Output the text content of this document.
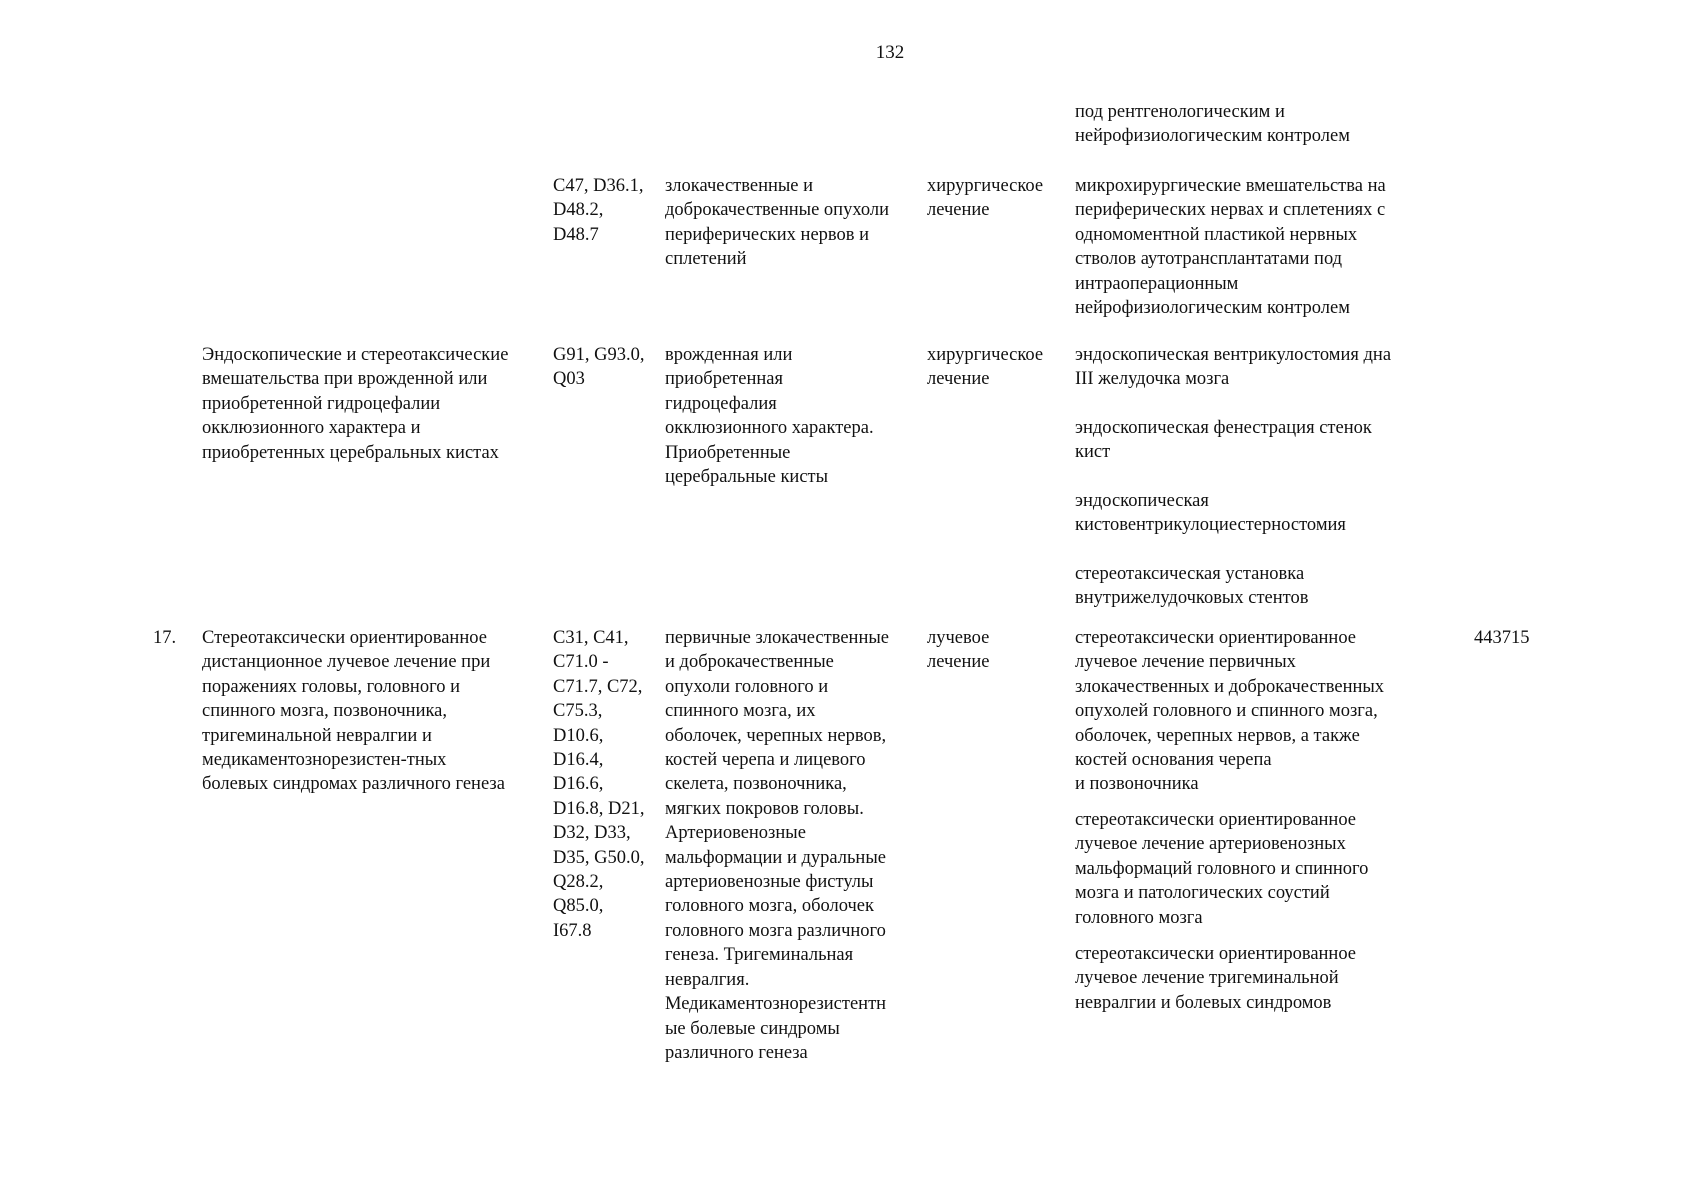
132
под рентгенологическим и
нейрофизиологическим контролем
C47, D36.1,
D48.2,
D48.7
злокачественные и
доброкачественные опухоли
периферических нервов и
сплетений
хирургическое
лечение
микрохирургические вмешательства на
периферических нервах и сплетениях с
одномоментной пластикой нервных
стволов аутотрансплантатами под
интраоперационным
нейрофизиологическим контролем
Эндоскопические и стереотаксические
вмешательства при врожденной или
приобретенной гидроцефалии
окклюзионного характера и
приобретенных церебральных кистах
G91, G93.0,
Q03
врожденная или
приобретенная
гидроцефалия
окклюзионного характера.
Приобретенные
церебральные кисты
хирургическое
лечение
эндоскопическая вентрикулостомия дна
III желудочка мозга
эндоскопическая фенестрация стенок
кист
эндоскопическая
кистовентрикулоциестерностомия
стереотаксическая установка
внутрижелудочковых стентов
17.	Стереотаксически ориентированное
дистанционное лучевое лечение при
поражениях головы, головного и
спинного мозга, позвоночника,
тригеминальной невралгии и
медикаментознорезистен-тных
болевых синдромах различного генеза
C31, C41,
C71.0 -
C71.7, C72,
C75.3,
D10.6,
D16.4,
D16.6,
D16.8, D21,
D32, D33,
D35, G50.0,
Q28.2,
Q85.0,
I67.8
первичные злокачественные
и доброкачественные
опухоли головного и
спинного мозга, их
оболочек, черепных нервов,
костей черепа и лицевого
скелета, позвоночника,
мягких покровов головы.
Артериовенозные
мальформации и дуральные
артериовенозные фистулы
головного мозга, оболочек
головного мозга различного
генеза. Тригеминальная
невралгия.
Медикаментознорезистентн
ые болевые синдромы
различного генеза
лучевое
лечение
стереотаксически ориентированное
лучевое лечение первичных
злокачественных и доброкачественных
опухолей головного и спинного мозга,
оболочек, черепных нервов, а также
костей основания черепа
и позвоночника
стереотаксически ориентированное
лучевое лечение артериовенозных
мальформаций головного и спинного
мозга и патологических соустий
головного мозга
стереотаксически ориентированное
лучевое лечение тригеминальной
невралгии и болевых синдромов
443715
